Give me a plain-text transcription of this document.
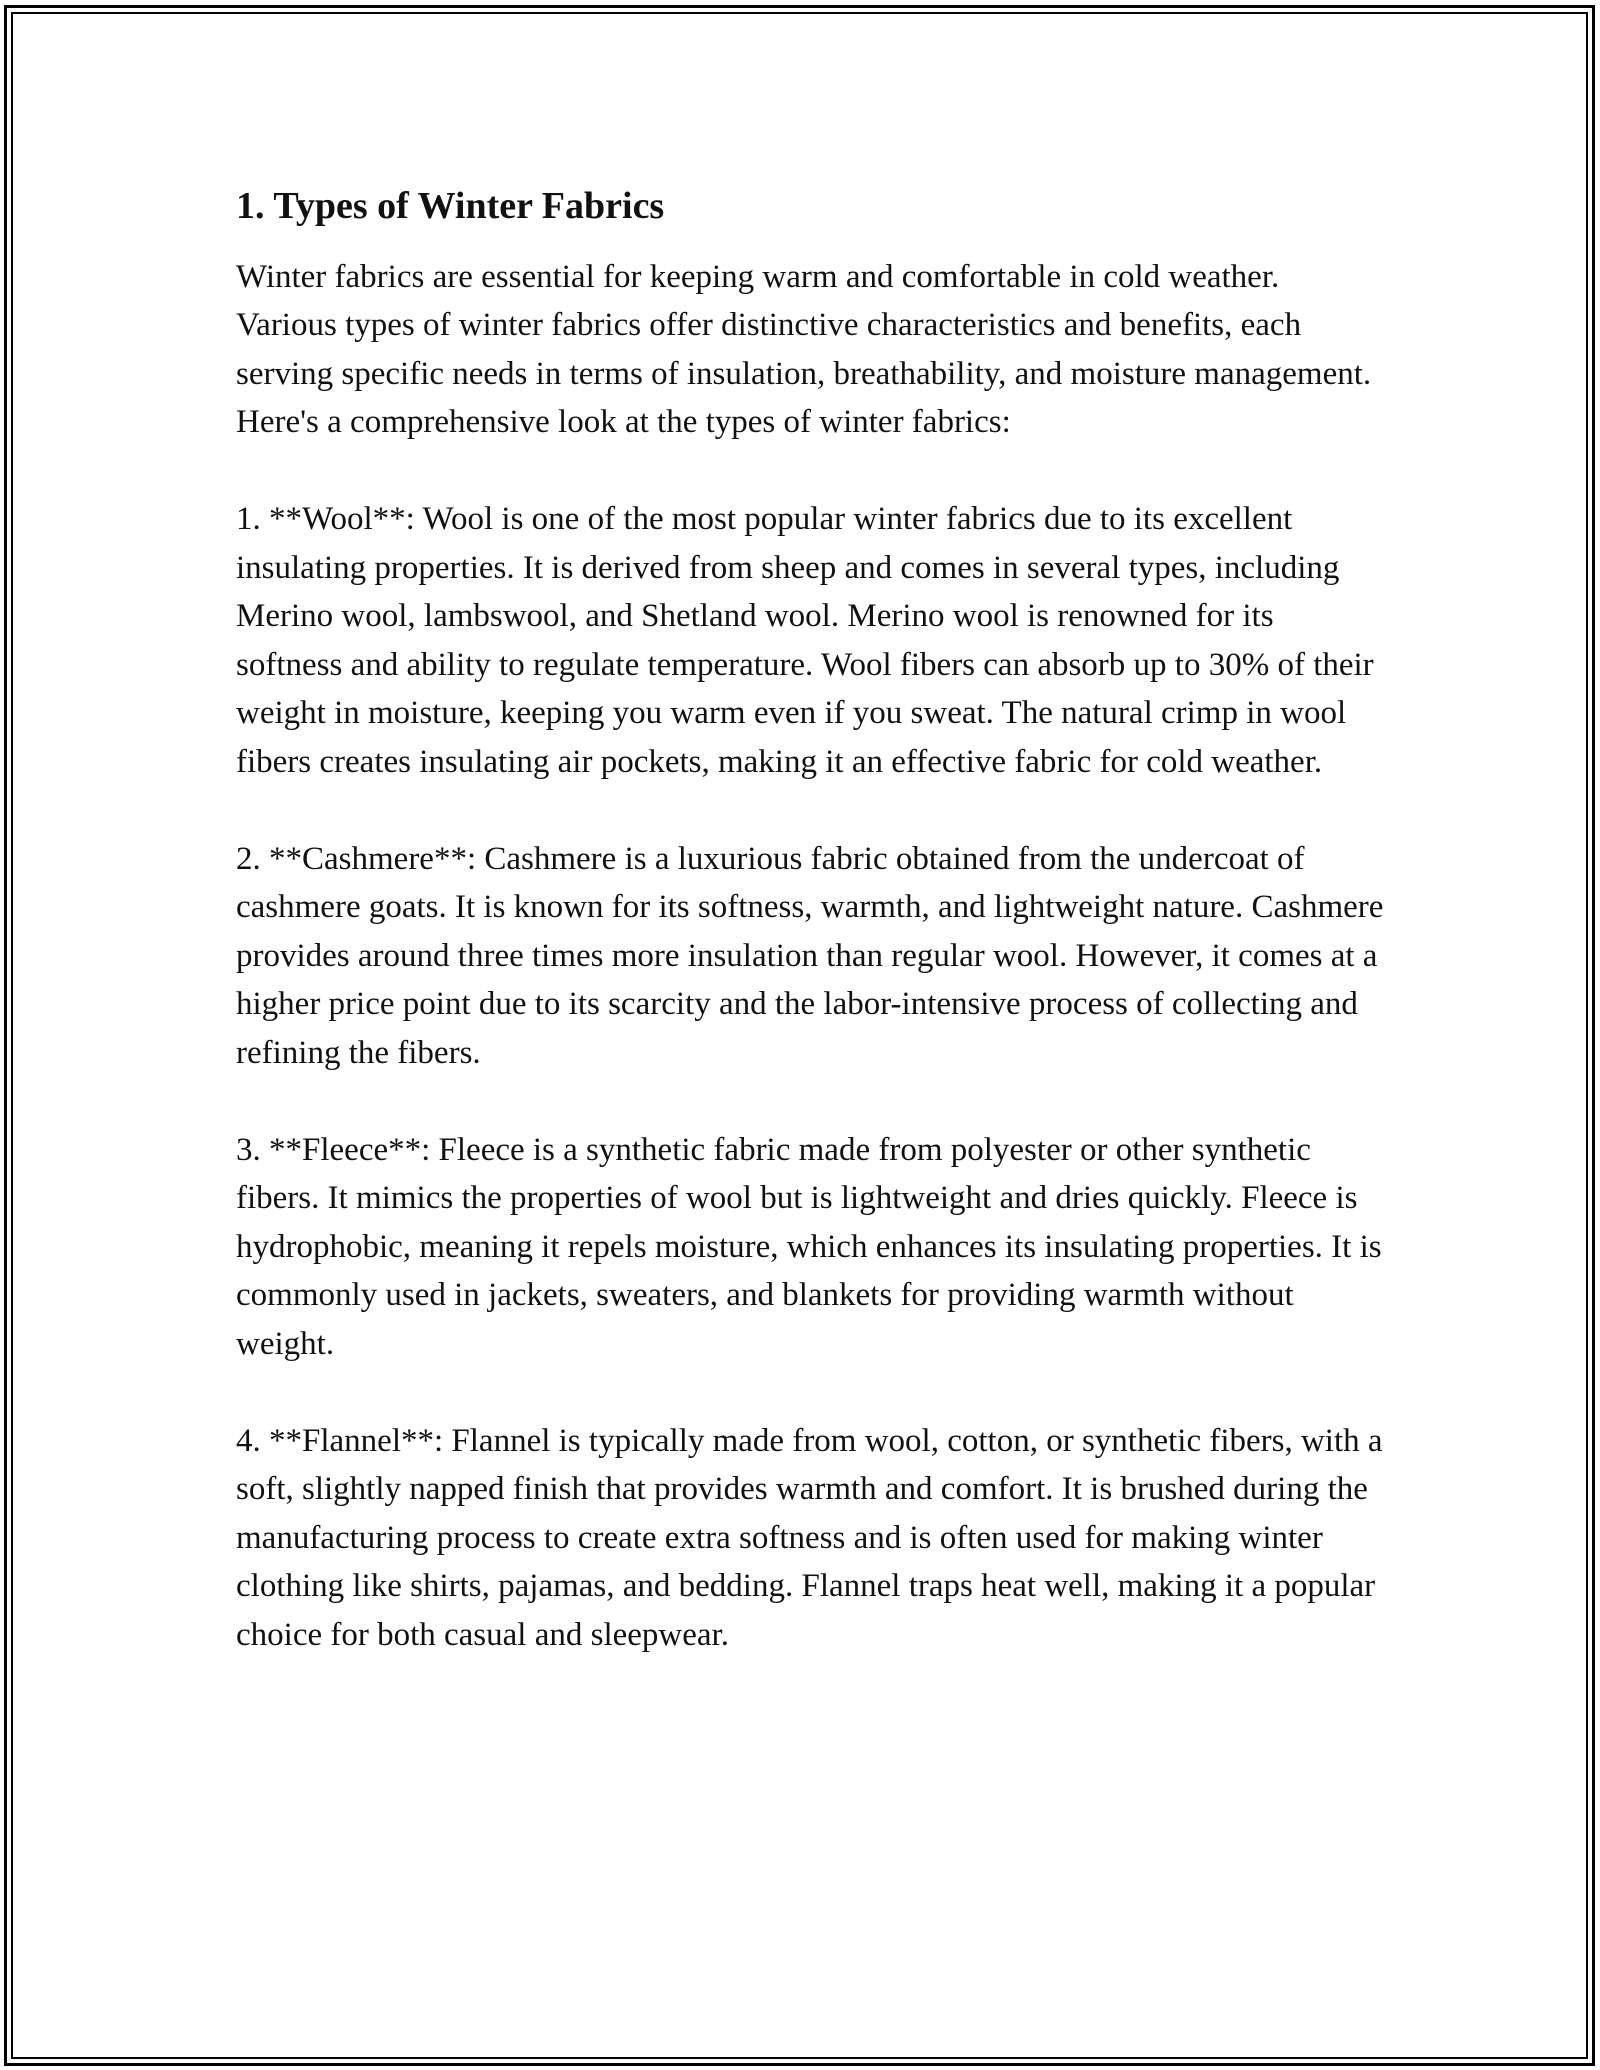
1. Types of Winter Fabrics

Winter fabrics are essential for keeping warm and comfortable in cold weather. Various types of winter fabrics offer distinctive characteristics and benefits, each serving specific needs in terms of insulation, breathability, and moisture management. Here's a comprehensive look at the types of winter fabrics:

1. **Wool**: Wool is one of the most popular winter fabrics due to its excellent insulating properties. It is derived from sheep and comes in several types, including Merino wool, lambswool, and Shetland wool. Merino wool is renowned for its softness and ability to regulate temperature. Wool fibers can absorb up to 30% of their weight in moisture, keeping you warm even if you sweat. The natural crimp in wool fibers creates insulating air pockets, making it an effective fabric for cold weather.

2. **Cashmere**: Cashmere is a luxurious fabric obtained from the undercoat of cashmere goats. It is known for its softness, warmth, and lightweight nature. Cashmere provides around three times more insulation than regular wool. However, it comes at a higher price point due to its scarcity and the labor-intensive process of collecting and refining the fibers.

3. **Fleece**: Fleece is a synthetic fabric made from polyester or other synthetic fibers. It mimics the properties of wool but is lightweight and dries quickly. Fleece is hydrophobic, meaning it repels moisture, which enhances its insulating properties. It is commonly used in jackets, sweaters, and blankets for providing warmth without weight.

4. **Flannel**: Flannel is typically made from wool, cotton, or synthetic fibers, with a soft, slightly napped finish that provides warmth and comfort. It is brushed during the manufacturing process to create extra softness and is often used for making winter clothing like shirts, pajamas, and bedding. Flannel traps heat well, making it a popular choice for both casual and sleepwear.
